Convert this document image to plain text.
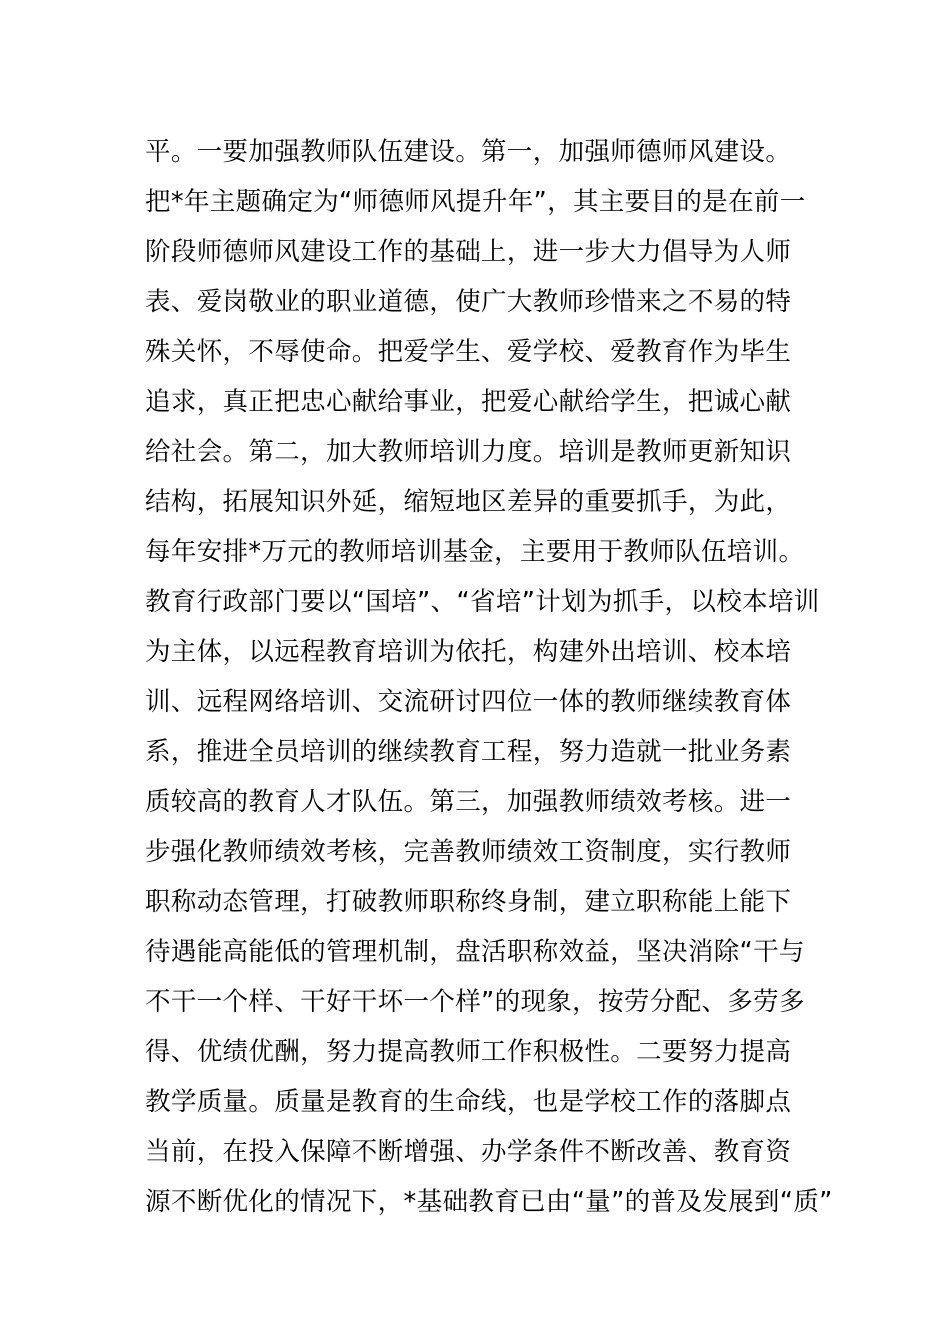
平。一要加强教师队伍建设。第一，加强师德师风建设。
把*年主题确定为“师德师风提升年”，其主要目的是在前一
阶段师德师风建设工作的基础上，进一步大力倡导为人师
表、爱岗敬业的职业道德，使广大教师珍惜来之不易的特
殊关怀，不辱使命。把爱学生、爱学校、爱教育作为毕生
追求，真正把忠心献给事业，把爱心献给学生，把诚心献
给社会。第二，加大教师培训力度。培训是教师更新知识
结构，拓展知识外延，缩短地区差异的重要抓手，为此，
每年安排*万元的教师培训基金，主要用于教师队伍培训。
教育行政部门要以“国培”、“省培”计划为抓手，以校本培训
为主体，以远程教育培训为依托，构建外出培训、校本培
训、远程网络培训、交流研讨四位一体的教师继续教育体
系，推进全员培训的继续教育工程，努力造就一批业务素
质较高的教育人才队伍。第三，加强教师绩效考核。进一
步强化教师绩效考核，完善教师绩效工资制度，实行教师
职称动态管理，打破教师职称终身制，建立职称能上能下
待遇能高能低的管理机制，盘活职称效益，坚决消除“干与
不干一个样、干好干坏一个样”的现象，按劳分配、多劳多
得、优绩优酬，努力提高教师工作积极性。二要努力提高
教学质量。质量是教育的生命线，也是学校工作的落脚点
当前，在投入保障不断增强、办学条件不断改善、教育资
源不断优化的情况下，*基础教育已由“量”的普及发展到“质”
